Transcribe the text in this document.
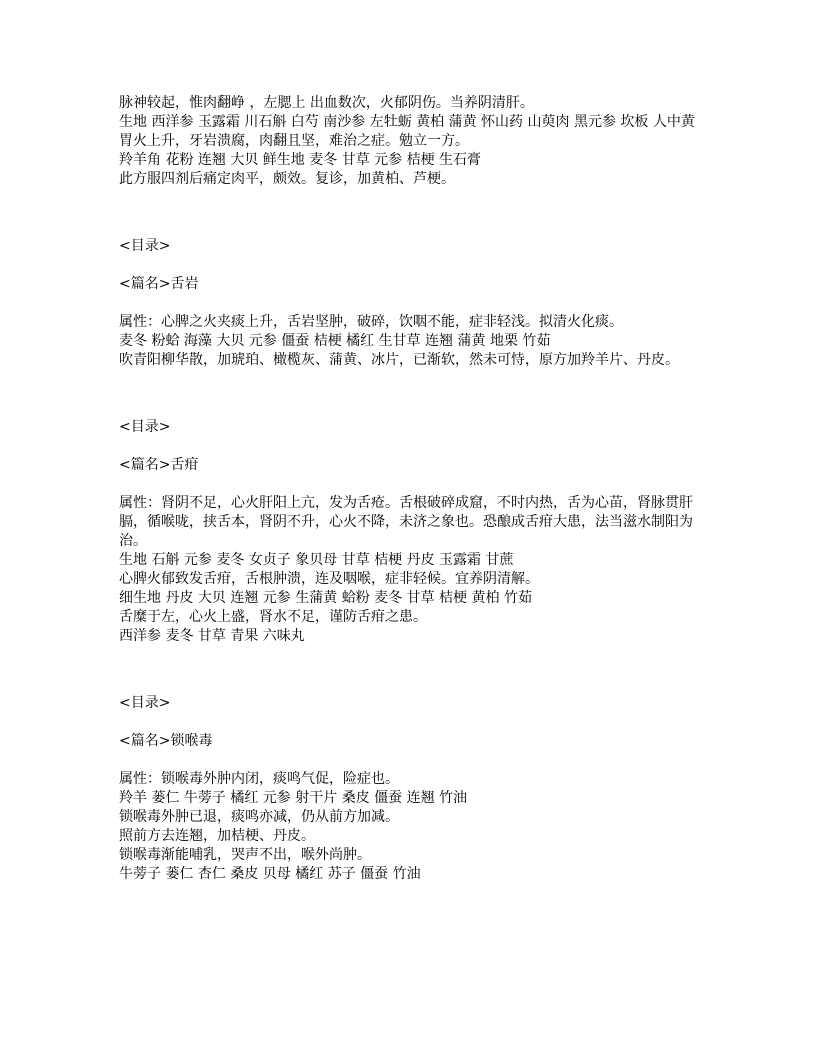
脉神较起，惟肉翻峥 ，左腮上 出血数次，火郁阴伤。当养阴清肝。
生地 西洋参 玉露霜 川石斛 白芍 南沙参 左牡蛎 黄柏 蒲黄 怀山药 山萸肉 黑元参 坎板 人中黄
胃火上升，牙岩溃腐，肉翻且坚，难治之症。勉立一方。
羚羊角 花粉 连翘 大贝 鲜生地 麦冬 甘草 元参 桔梗 生石膏
此方服四剂后痛定肉平，颇效。复诊，加黄柏、芦梗。
<目录>
<篇名>舌岩
属性：心脾之火夹痰上升，舌岩坚肿，破碎，饮咽不能，症非轻浅。拟清火化痰。
麦冬 粉蛤 海藻 大贝 元参 僵蚕 桔梗 橘红 生甘草 连翘 蒲黄 地栗 竹茹
吹青阳柳华散，加琥珀、橄榄灰、蒲黄、冰片，已渐软，然未可恃，原方加羚羊片、丹皮。
<目录>
<篇名>舌疳
属性：肾阴不足，心火肝阳上亢，发为舌疮。舌根破碎成窟，不时内热，舌为心苗，肾脉贯肝膈，循喉咙，挟舌本，肾阴不升，心火不降，未济之象也。恐酿成舌疳大患，法当滋水制阳为治。
生地 石斛 元参 麦冬 女贞子 象贝母 甘草 桔梗 丹皮 玉露霜 甘蔗
心脾火郁致发舌疳，舌根肿溃，连及咽喉，症非轻候。宜养阴清解。
细生地 丹皮 大贝 连翘 元参 生蒲黄 蛤粉 麦冬 甘草 桔梗 黄柏 竹茹
舌糜于左，心火上盛，肾水不足，谨防舌疳之患。
西洋参 麦冬 甘草 青果 六味丸
<目录>
<篇名>锁喉毒
属性：锁喉毒外肿内闭，痰鸣气促，险症也。
羚羊 蒌仁 牛蒡子 橘红 元参 射干片 桑皮 僵蚕 连翘 竹油
锁喉毒外肿已退，痰鸣亦减，仍从前方加减。
照前方去连翘，加桔梗、丹皮。
锁喉毒渐能哺乳，哭声不出，喉外尚肿。
牛蒡子 蒌仁 杏仁 桑皮 贝母 橘红 苏子 僵蚕 竹油
